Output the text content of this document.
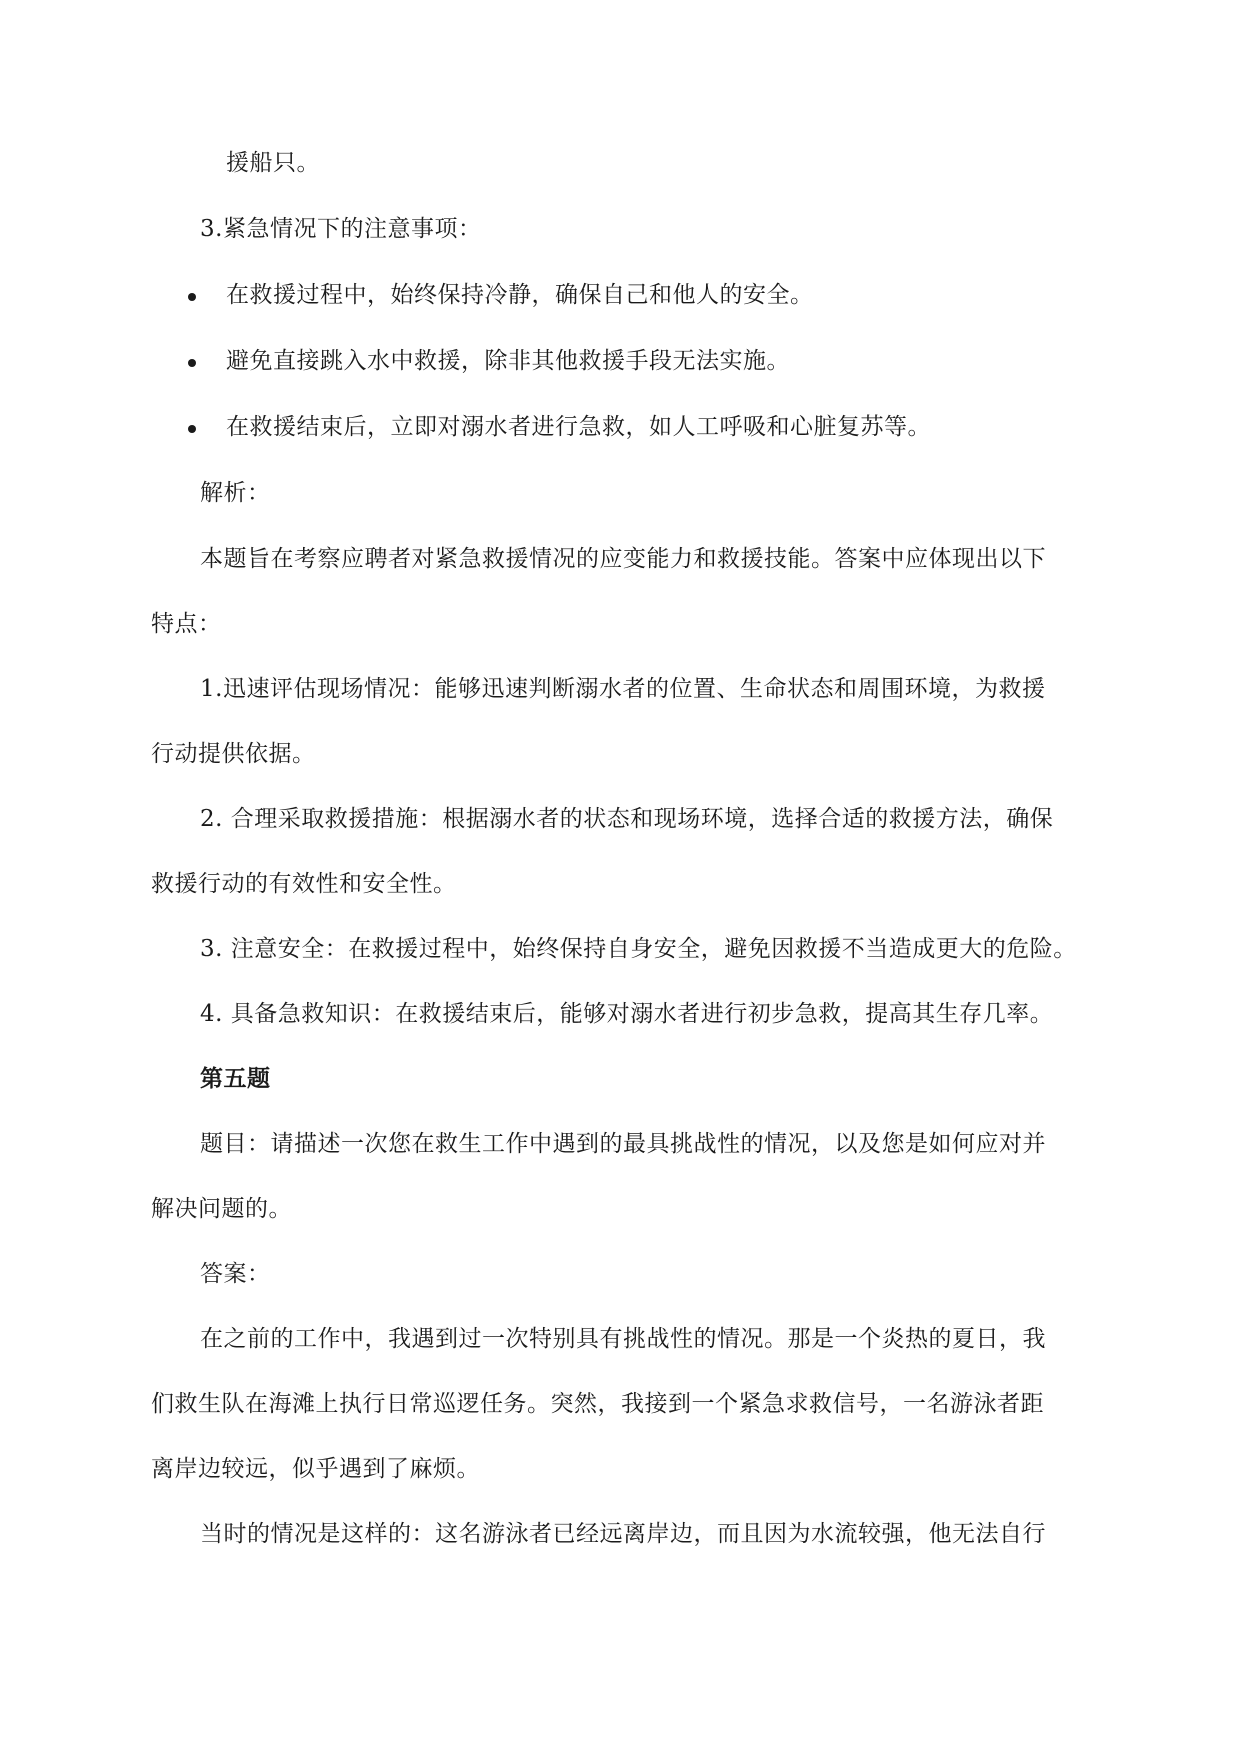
援船只。
3.紧急情况下的注意事项：
在救援过程中，始终保持冷静，确保自己和他人的安全。
避免直接跳入水中救援，除非其他救援手段无法实施。
在救援结束后，立即对溺水者进行急救，如人工呼吸和心脏复苏等。
解析：
本题旨在考察应聘者对紧急救援情况的应变能力和救援技能。答案中应体现出以下
特点：
1.迅速评估现场情况：能够迅速判断溺水者的位置、生命状态和周围环境，为救援
行动提供依据。
2. 合理采取救援措施：根据溺水者的状态和现场环境，选择合适的救援方法，确保
救援行动的有效性和安全性。
3. 注意安全：在救援过程中，始终保持自身安全，避免因救援不当造成更大的危险。
4. 具备急救知识：在救援结束后，能够对溺水者进行初步急救，提高其生存几率。
第五题
题目：请描述一次您在救生工作中遇到的最具挑战性的情况，以及您是如何应对并
解决问题的。
答案：
在之前的工作中，我遇到过一次特别具有挑战性的情况。那是一个炎热的夏日，我
们救生队在海滩上执行日常巡逻任务。突然，我接到一个紧急求救信号，一名游泳者距
离岸边较远，似乎遇到了麻烦。
当时的情况是这样的：这名游泳者已经远离岸边，而且因为水流较强，他无法自行
